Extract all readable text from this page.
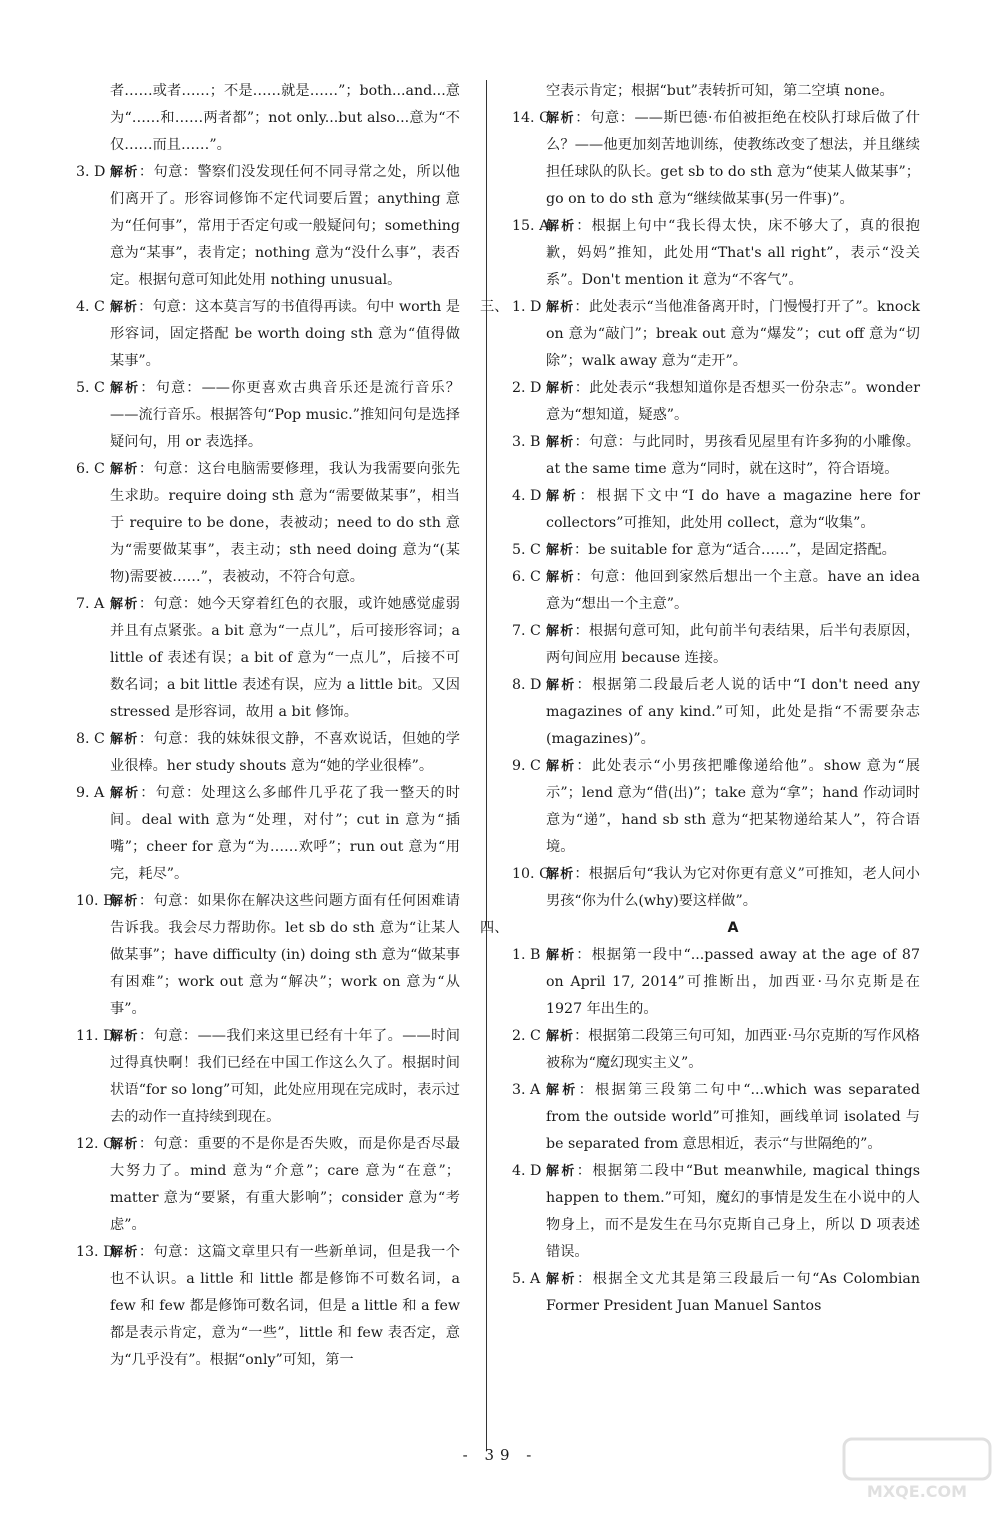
者……或者……；不是……就是……”；both...and...意为“……和……两者都”；not only...but also...意为“不仅……而且……”。
3. D 解析：句意：警察们没发现任何不同寻常之处，所以他们离开了。形容词修饰不定代词要后置；anything 意为“任何事”，常用于否定句或一般疑问句；something 意为“某事”，表肯定；nothing 意为“没什么事”，表否定。根据句意可知此处用 nothing unusual。
4. C 解析：句意：这本莫言写的书值得再读。句中 worth 是形容词，固定搭配 be worth doing sth 意为“值得做某事”。
5. C 解析：句意：——你更喜欢古典音乐还是流行音乐？——流行音乐。根据答句“Pop music.”推知问句是选择疑问句，用 or 表选择。
6. C 解析：句意：这台电脑需要修理，我认为我需要向张先生求助。require doing sth 意为“需要做某事”，相当于 require to be done，表被动；need to do sth 意为“需要做某事”，表主动；sth need doing 意为“(某物)需要被……”，表被动，不符合句意。
7. A 解析：句意：她今天穿着红色的衣服，或许她感觉虚弱并且有点紧张。a bit 意为“一点儿”，后可接形容词；a little of 表述有误；a bit of 意为“一点儿”，后接不可数名词；a bit little 表述有误，应为 a little bit。又因 stressed 是形容词，故用 a bit 修饰。
8. C 解析：句意：我的妹妹很文静，不喜欢说话，但她的学业很棒。her study shouts 意为“她的学业很棒”。
9. A 解析：句意：处理这么多邮件几乎花了我一整天的时间。deal with 意为“处理，对付”；cut in 意为“插嘴”；cheer for 意为“为……欢呼”；run out 意为“用完，耗尽”。
10. B
解析：句意：如果你在解决这些问题方面有任何困难请告诉我。我会尽力帮助你。let sb do sth 意为“让某人做某事”；have difficulty (in) doing sth 意为“做某事有困难”；work out 意为“解决”；work on 意为“从事”。
11. D
解析：句意：——我们来这里已经有十年了。——时间过得真快啊！我们已经在中国工作这么久了。根据时间状语“for so long”可知，此处应用现在完成时，表示过去的动作一直持续到现在。
12. C
解析：句意：重要的不是你是否失败，而是你是否尽最大努力了。mind 意为“介意”；care 意为“在意”；matter 意为“要紧，有重大影响”；consider 意为“考虑”。
13. D
解析：句意：这篇文章里只有一些新单词，但是我一个也不认识。a little 和 little 都是修饰不可数名词，a few 和 few 都是修饰可数名词，但是 a little 和 a few 都是表示肯定，意为“一些”，little 和 few 表否定，意为“几乎没有”。根据“only”可知，第一
空表示肯定；根据“but”表转折可知，第二空填 none。
14. C
解析：句意：——斯巴德·布伯被拒绝在校队打球后做了什么？——他更加刻苦地训练，使教练改变了想法，并且继续担任球队的队长。get sb to do sth 意为“使某人做某事”；go on to do sth 意为“继续做某事(另一件事)”。
15. A
解析：根据上句中“我长得太快，床不够大了，真的很抱歉，妈妈”推知，此处用“That's all right”，表示“没关系”。Don't mention it 意为“不客气”。
三、 1. D 解析：此处表示“当他准备离开时，门慢慢打开了”。knock on 意为“敲门”；break out 意为“爆发”；cut off 意为“切除”；walk away 意为“走开”。
2. D 解析：此处表示“我想知道你是否想买一份杂志”。wonder 意为“想知道，疑惑”。
3. B 解析：句意：与此同时，男孩看见屋里有许多狗的小雕像。at the same time 意为“同时，就在这时”，符合语境。
4. D 解析：根据下文中“I do have a magazine here for collectors”可推知，此处用 collect，意为“收集”。
5. C 解析：be suitable for 意为“适合……”，是固定搭配。
6. C 解析：句意：他回到家然后想出一个主意。have an idea 意为“想出一个主意”。
7. C 解析：根据句意可知，此句前半句表结果，后半句表原因，两句间应用 because 连接。
8. D 解析：根据第二段最后老人说的话中“I don't need any magazines of any kind.”可知，此处是指“不需要杂志(magazines)”。
9. C 解析：此处表示“小男孩把雕像递给他”。show 意为“展示”；lend 意为“借(出)”；take 意为“拿”；hand 作动词时意为“递”，hand sb sth 意为“把某物递给某人”，符合语境。
10. C
解析：根据后句“我认为它对你更有意义”可推知，老人问小男孩“你为什么(why)要这样做”。
四、	A
1. B 解析：根据第一段中“...passed away at the age of 87 on April 17, 2014”可推断出，加西亚·马尔克斯是在 1927 年出生的。
2. C 解析：根据第二段第三句可知，加西亚·马尔克斯的写作风格被称为“魔幻现实主义”。
3. A 解析：根据第三段第二句中“...which was separated from the outside world”可推知，画线单词 isolated 与 be separated from 意思相近，表示“与世隔绝的”。
4. D 解析：根据第二段中“But meanwhile, magical things happen to them.”可知，魔幻的事情是发生在小说中的人物身上，而不是发生在马尔克斯自己身上，所以 D 项表述错误。
5. A 解析：根据全文尤其是第三段最后一句“As Colombian Former President Juan Manuel Santos
- 39 -
MXQE.COM
